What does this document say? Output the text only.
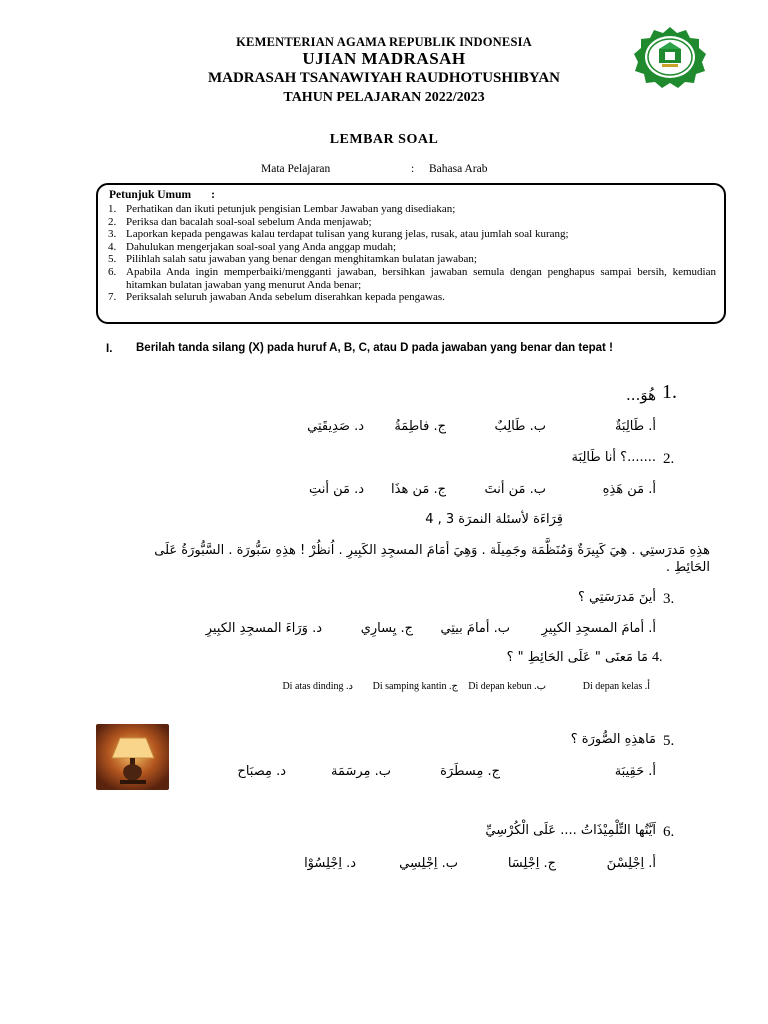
KEMENTERIAN AGAMA REPUBLIK INDONESIA
UJIAN MADRASAH
MADRASAH TSANAWIYAH RAUDHOTUSHIBYAN
TAHUN PELAJARAN 2022/2023
LEMBAR SOAL
Mata Pelajaran	: Bahasa Arab
Petunjuk Umum :
1. Perhatikan dan ikuti petunjuk pengisian Lembar Jawaban yang disediakan;
2. Periksa dan bacalah soal-soal sebelum Anda menjawab;
3. Laporkan kepada pengawas kalau terdapat tulisan yang kurang jelas, rusak, atau jumlah soal kurang;
4. Dahulukan mengerjakan soal-soal yang Anda anggap mudah;
5. Pilihlah salah satu jawaban yang benar dengan menghitamkan bulatan jawaban;
6. Apabila Anda ingin memperbaiki/mengganti jawaban, bersihkan jawaban semula dengan penghapus sampai bersih, kemudian hitamkan bulatan jawaban yang menurut Anda benar;
7. Periksalah seluruh jawaban Anda sebelum diserahkan kepada pengawas.
I. Berilah tanda silang (X) pada huruf A, B, C, atau D pada jawaban yang benar dan tepat !
1.
هُوَ...
أ. طَالِبَةٌ
ب. طَالِبٌ
ج. فاطِمَةُ
د. صَدِيقَتِي
2.
.......؟ أنا طَالِبَة
أ. مَن هَذِهِ
ب. مَن أنتَ
ج. مَن هذَا
د. مَن أنتِ
قِرَاءَة لأسئلة النمرَة 3 , 4
هذِهِ مَدرَستِي . هِيَ كَبِيرَةٌ وَمُنَظَّمَة وجَمِيلَة . وَهِيَ أمَامَ المسجِدِ الكَبِيرِ . اُنظُرْ ! هذِهِ سَبُّورَة . السَّبُّورَةُ عَلَى
الحَائِطِ .
3.
أينَ مَدرَسَتِي ؟
أ. أمامَ المسجِدِ الكبِيرِ
ب. أمامَ بيتِي
ج. يِسارِي
د. وَرَاءَ المسجِدِ الكبِيرِ
4.
مَا مَعنَى " عَلَى الحَائِطِ " ؟
أ. Di depan kelas
ب. Di depan kebun
ج. Di samping kantin
د. Di atas dinding
5.
مَاهذِهِ الصُّورَة ؟
أ. حَقِيبَة
ب. مِرسَمَة	ج. مِسطَرَة
د. مِصبَاح
6.
اَيَّتُها التِّلْمِيْذَاتُ .... عَلَى الْكُرْسِيِّ
أ. اِجْلِسْنَ
ب. اِجْلِسِي	ج. اِجْلِسَا
د. اِجْلِسُوْا
